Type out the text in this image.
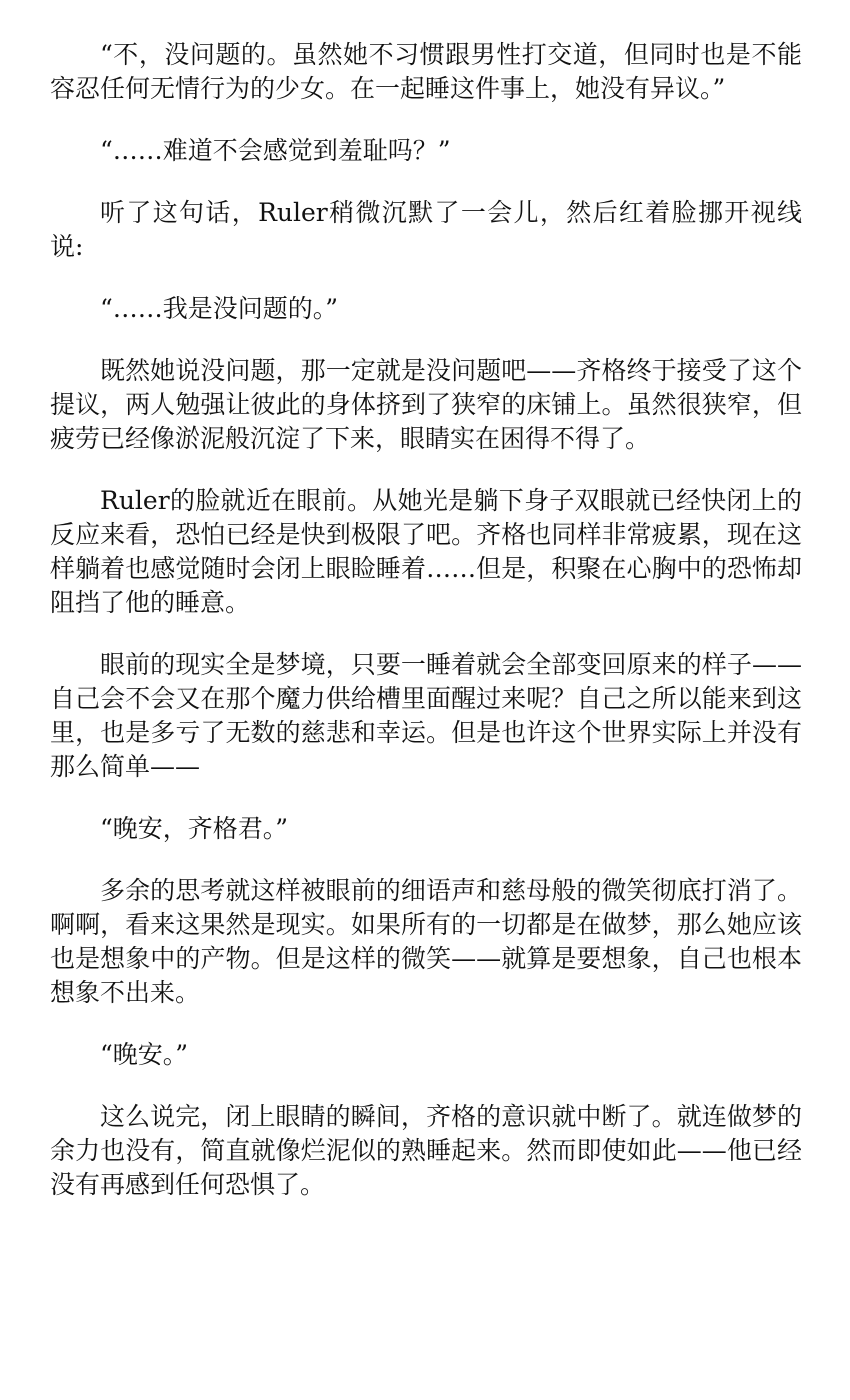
“不，没问题的。虽然她不习惯跟男性打交道，但同时也是不能容忍任何无情行为的少女。在一起睡这件事上，她没有异议。”

“……难道不会感觉到羞耻吗？”

听了这句话，Ruler稍微沉默了一会儿，然后红着脸挪开视线说:

“……我是没问题的。”

既然她说没问题，那一定就是没问题吧——齐格终于接受了这个提议，两人勉强让彼此的身体挤到了狭窄的床铺上。虽然很狭窄，但疲劳已经像淤泥般沉淀了下来，眼睛实在困得不得了。

Ruler的脸就近在眼前。从她光是躺下身子双眼就已经快闭上的反应来看，恐怕已经是快到极限了吧。齐格也同样非常疲累，现在这样躺着也感觉随时会闭上眼睑睡着……但是，积聚在心胸中的恐怖却阻挡了他的睡意。

眼前的现实全是梦境，只要一睡着就会全部变回原来的样子——自己会不会又在那个魔力供给槽里面醒过来呢？自己之所以能来到这里，也是多亏了无数的慈悲和幸运。但是也许这个世界实际上并没有那么简单——

“晚安，齐格君。”

多余的思考就这样被眼前的细语声和慈母般的微笑彻底打消了。啊啊，看来这果然是现实。如果所有的一切都是在做梦，那么她应该也是想象中的产物。但是这样的微笑——就算是要想象，自己也根本想象不出来。

“晚安。”

这么说完，闭上眼睛的瞬间，齐格的意识就中断了。就连做梦的余力也没有，简直就像烂泥似的熟睡起来。然而即使如此——他已经没有再感到任何恐惧了。
